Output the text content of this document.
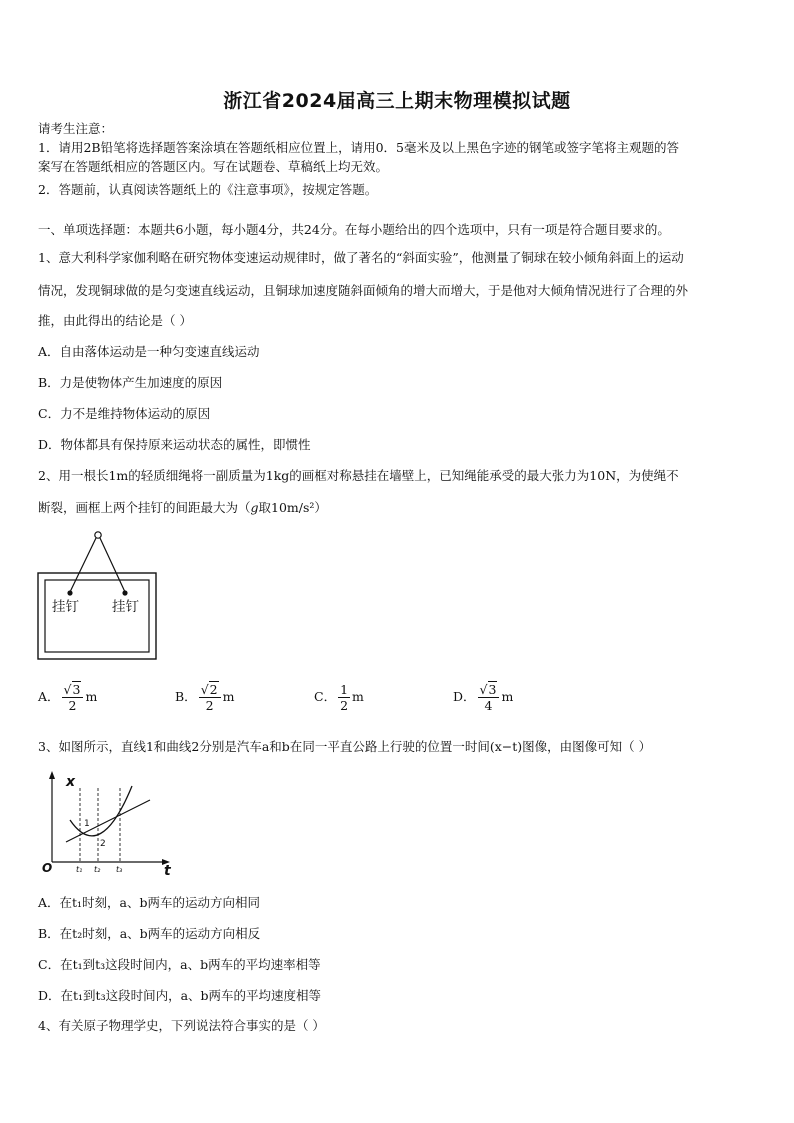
浙江省2024届高三上期末物理模拟试题
请考生注意：
1．请用2B铅笔将选择题答案涂填在答题纸相应位置上，请用0．5毫米及以上黑色字迹的钢笔或签字笔将主观题的答
案写在答题纸相应的答题区内。写在试题卷、草稿纸上均无效。
2．答题前，认真阅读答题纸上的《注意事项》，按规定答题。
一、单项选择题：本题共6小题，每小题4分，共24分。在每小题给出的四个选项中，只有一项是符合题目要求的。
1、意大利科学家伽利略在研究物体变速运动规律时，做了著名的“斜面实验”，他测量了铜球在较小倾角斜面上的运动
情况，发现铜球做的是匀变速直线运动，且铜球加速度随斜面倾角的增大而增大，于是他对大倾角情况进行了合理的外
推，由此得出的结论是（ ）
A．自由落体运动是一种匀变速直线运动
B．力是使物体产生加速度的原因
C．力不是维持物体运动的原因
D．物体都具有保持原来运动状态的属性，即惯性
2、用一根长1m的轻质细绳将一副质量为1kg的画框对称悬挂在墙壁上，已知绳能承受的最大张力为10N，为使绳不
断裂，画框上两个挂钉的间距最大为（g取10m/s²）
挂钉 挂钉
A． $\frac{√3}{2}$ m	B． $\frac{√2}{2}$ m	C． $\frac{1}{2}$ m	D． $\frac{√3}{4}$ m
3、如图所示，直线1和曲线2分别是汽车a和b在同一平直公路上行驶的位置一时间(x−t)图像，由图像可知（ ）
x
t
O
1
2
t₁ t₂ t₃
A．在t₁时刻，a、b两车的运动方向相同
B．在t₂时刻，a、b两车的运动方向相反
C．在t₁到t₃这段时间内，a、b两车的平均速率相等
D．在t₁到t₃这段时间内，a、b两车的平均速度相等
4、有关原子物理学史，下列说法符合事实的是（ ）
